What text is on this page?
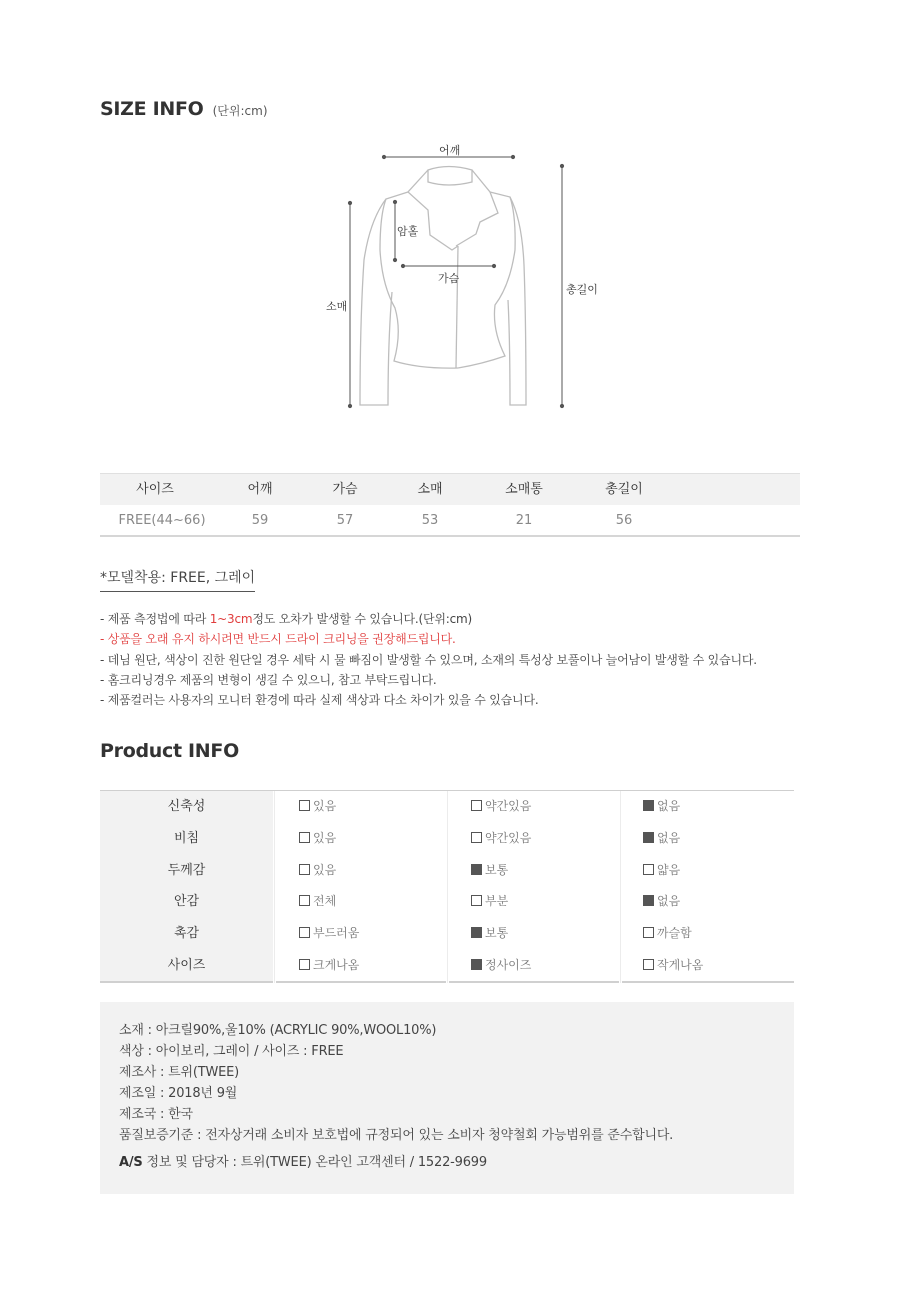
SIZE INFO (단위:cm)
어깨
암홀
가슴
소매
총길이
사이즈	어깨	가슴	소매	소매통	총길이
FREE(44~66)	59	57	53	21	56
*모델착용: FREE, 그레이
- 제품 측정법에 따라 1~3cm정도 오차가 발생할 수 있습니다.(단위:cm)
- 상품을 오래 유지 하시려면 반드시 드라이 크리닝을 권장해드립니다.
- 데님 원단, 색상이 진한 원단일 경우 세탁 시 물 빠짐이 발생할 수 있으며, 소재의 특성상 보풀이나 늘어남이 발생할 수 있습니다.
- 홈크리닝경우 제품의 변형이 생길 수 있으니, 참고 부탁드립니다.
- 제품컬러는 사용자의 모니터 환경에 따라 실제 색상과 다소 차이가 있을 수 있습니다.
Product INFO
신축성	있음	약간있음	없음
비침	있음	약간있음	없음
두께감	있음	보통	얇음
안감	전체	부분	없음
촉감	부드러움	보통	까슬함
사이즈	크게나옴	정사이즈	작게나옴
소재 : 아크릴90%,울10% (ACRYLIC 90%,WOOL10%)
색상 : 아이보리, 그레이 / 사이즈 : FREE
제조사 : 트위(TWEE)
제조일 : 2018년 9월
제조국 : 한국
품질보증기준 : 전자상거래 소비자 보호법에 규정되어 있는 소비자 청약철회 가능범위를 준수합니다.
A/S 정보 및 담당자 : 트위(TWEE) 온라인 고객센터 / 1522-9699
